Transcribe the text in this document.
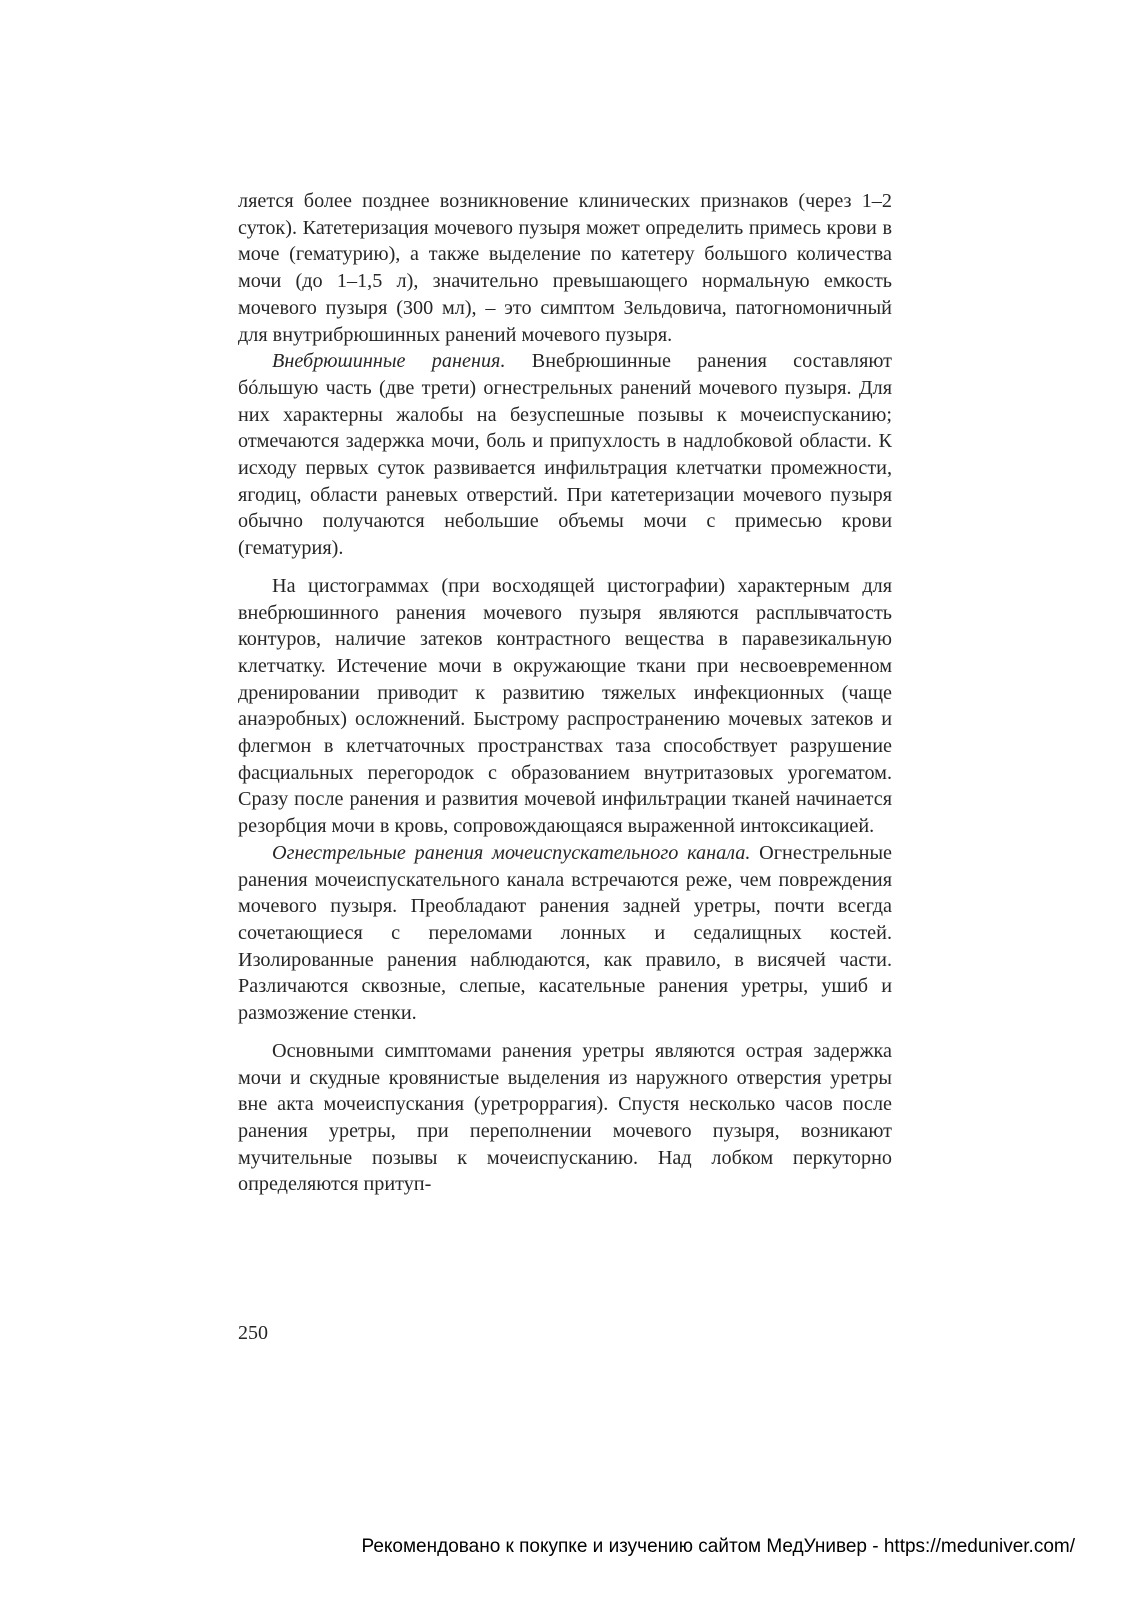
ляется более позднее возникновение клинических признаков (через 1–2 суток). Катетеризация мочевого пузыря может определить примесь крови в моче (гематурию), а также выделение по катетеру большого количества мочи (до 1–1,5 л), значительно превышающего нормальную емкость мочевого пузыря (300 мл), – это симптом Зельдовича, патогномоничный для внутрибрюшинных ранений мочевого пузыря.

Внебрюшинные ранения. Внебрюшинные ранения составляют бóльшую часть (две трети) огнестрельных ранений мочевого пузыря. Для них характерны жалобы на безуспешные позывы к мочеиспусканию; отмечаются задержка мочи, боль и припухлость в надлобковой области. К исходу первых суток развивается инфильтрация клетчатки промежности, ягодиц, области раневых отверстий. При катетеризации мочевого пузыря обычно получаются небольшие объемы мочи с примесью крови (гематурия).

На цистограммах (при восходящей цистографии) характерным для внебрюшинного ранения мочевого пузыря являются расплывчатость контуров, наличие затеков контрастного вещества в паравезикальную клетчатку. Истечение мочи в окружающие ткани при несвоевременном дренировании приводит к развитию тяжелых инфекционных (чаще анаэробных) осложнений. Быстрому распространению мочевых затеков и флегмон в клетчаточных пространствах таза способствует разрушение фасциальных перегородок с образованием внутритазовых урогематом. Сразу после ранения и развития мочевой инфильтрации тканей начинается резорбция мочи в кровь, сопровождающаяся выраженной интоксикацией.

Огнестрельные ранения мочеиспускательного канала. Огнестрельные ранения мочеиспускательного канала встречаются реже, чем повреждения мочевого пузыря. Преобладают ранения задней уретры, почти всегда сочетающиеся с переломами лонных и седалищных костей. Изолированные ранения наблюдаются, как правило, в висячей части. Различаются сквозные, слепые, касательные ранения уретры, ушиб и размозжение стенки.

Основными симптомами ранения уретры являются острая задержка мочи и скудные кровянистые выделения из наружного отверстия уретры вне акта мочеиспускания (уретроррагия). Спустя несколько часов после ранения уретры, при переполнении мочевого пузыря, возникают мучительные позывы к мочеиспусканию. Над лобком перкуторно определяются притуп-

250
Рекомендовано к покупке и изучению сайтом МедУнивер - https://meduniver.com/
